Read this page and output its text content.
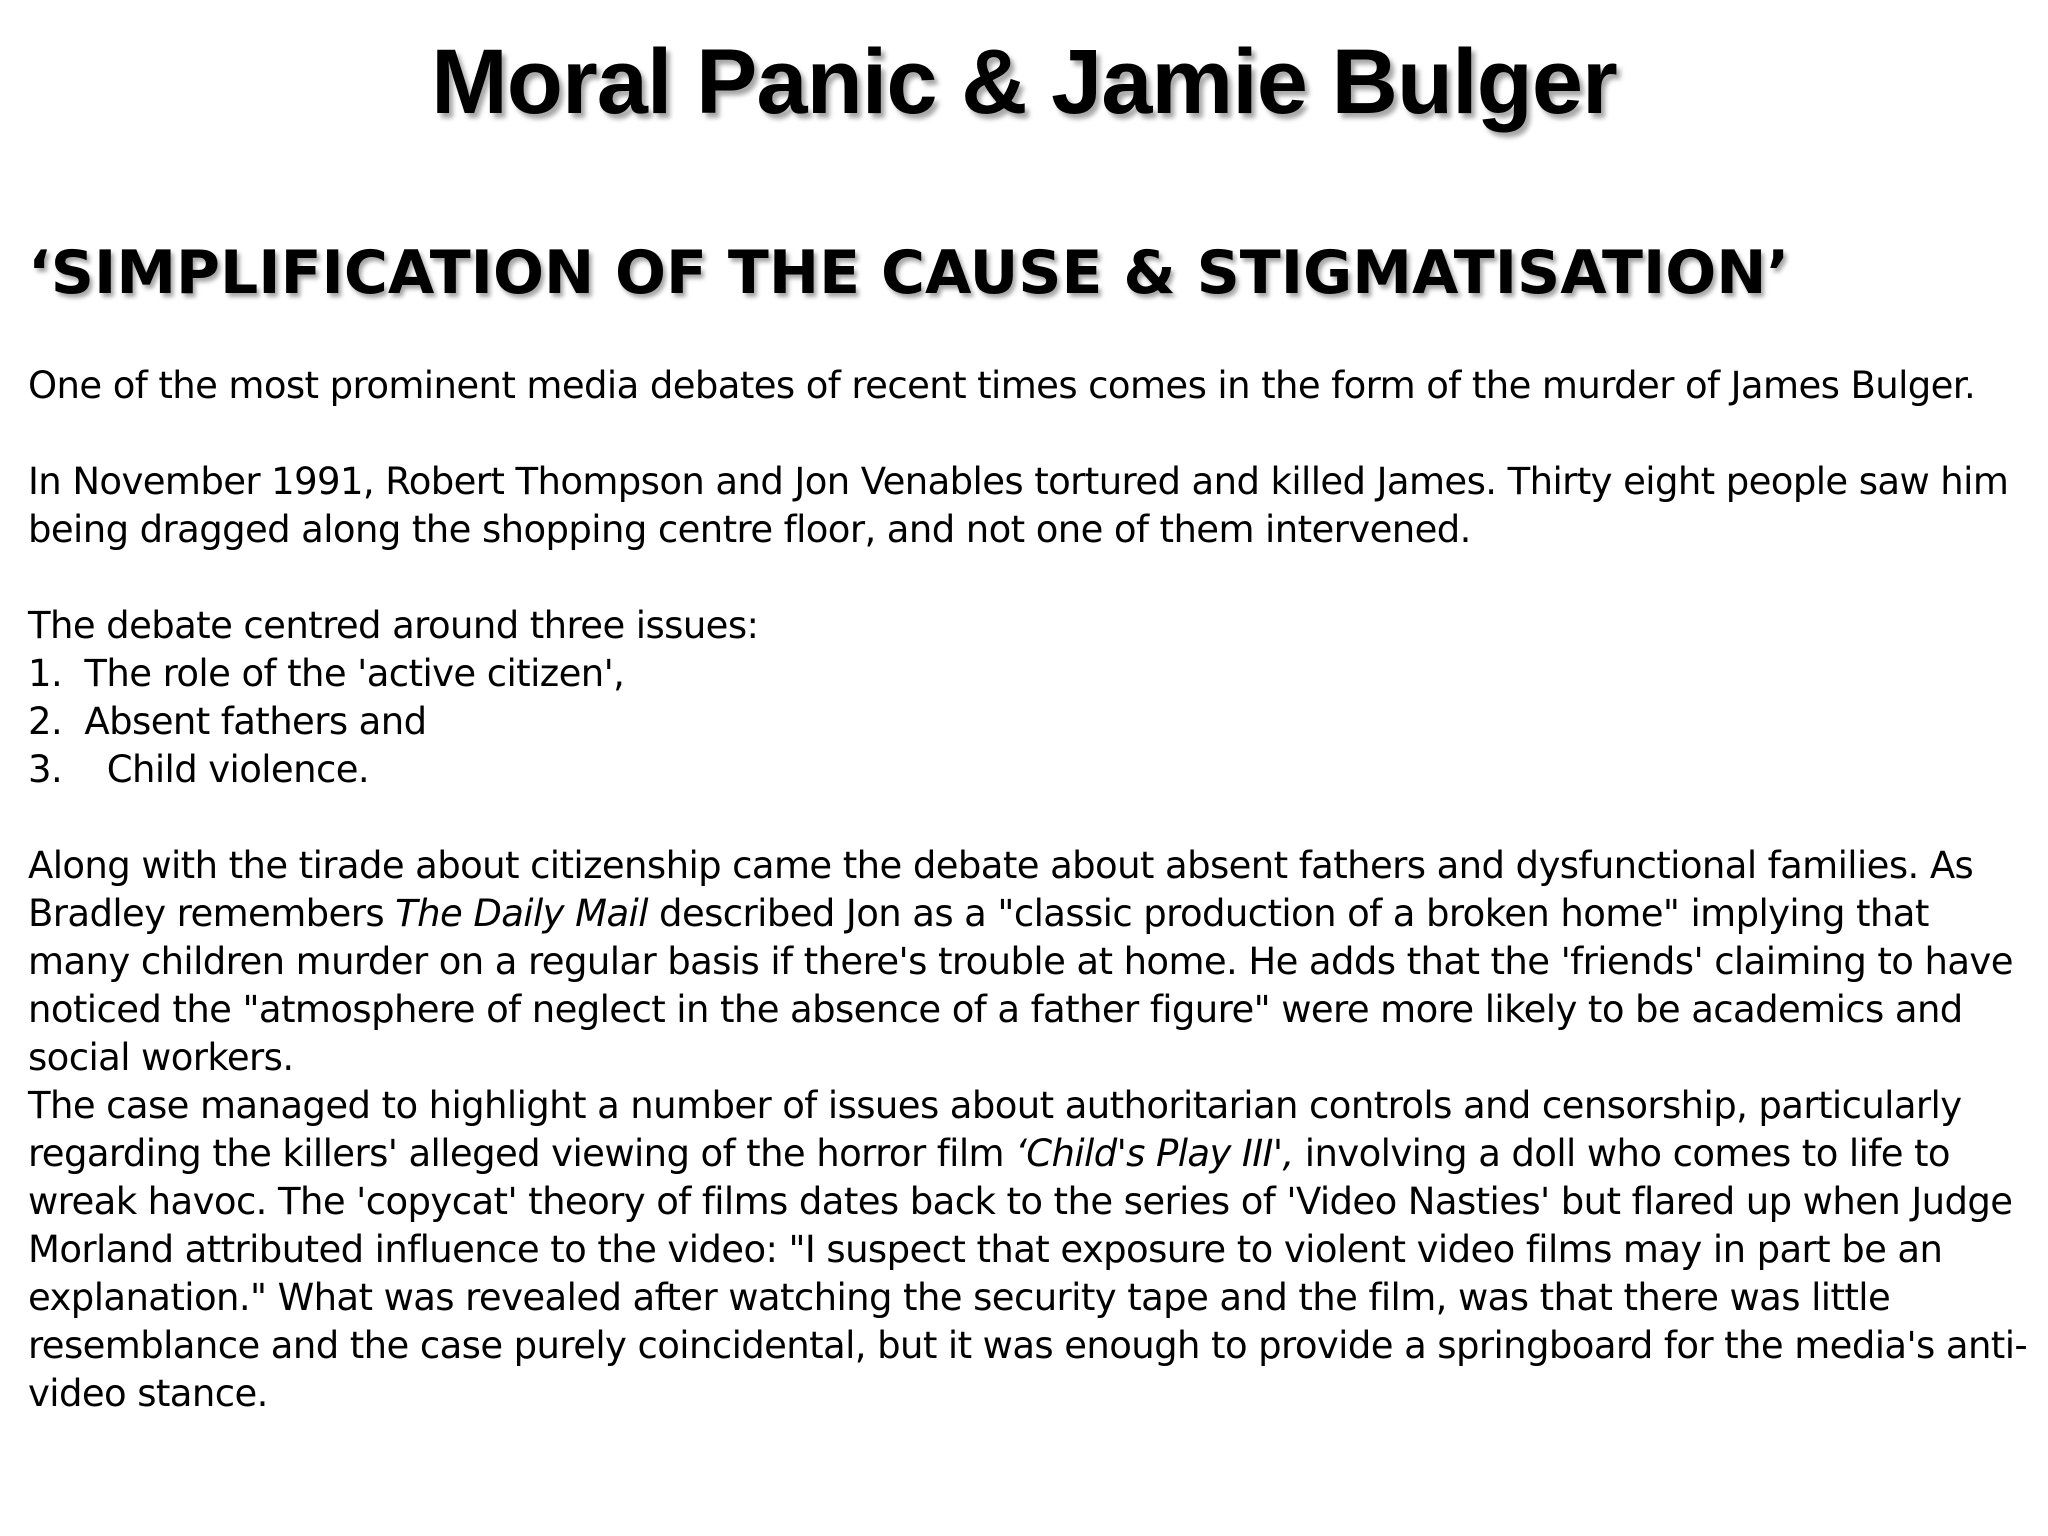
Moral Panic & Jamie Bulger
‘SIMPLIFICATION OF THE CAUSE & STIGMATISATION’

One of the most prominent media debates of recent times comes in the form of the murder of James Bulger.

In November 1991, Robert Thompson and Jon Venables tortured and killed James. Thirty eight people saw him being dragged along the shopping centre floor, and not one of them intervened.

The debate centred around three issues:

1.  The role of the 'active citizen',

2.  Absent fathers and

3.    Child violence.

Along with the tirade about citizenship came the debate about absent fathers and dysfunctional families. As Bradley remembers The Daily Mail described Jon as a "classic production of a broken home" implying that many children murder on a regular basis if there's trouble at home. He adds that the 'friends' claiming to have noticed the "atmosphere of neglect in the absence of a father figure" were more likely to be academics and social workers.

The case managed to highlight a number of issues about authoritarian controls and censorship, particularly regarding the killers' alleged viewing of the horror film ‘Child's Play III', involving a doll who comes to life to wreak havoc. The 'copycat' theory of films dates back to the series of 'Video Nasties' but flared up when Judge Morland attributed influence to the video: "I suspect that exposure to violent video films may in part be an explanation." What was revealed after watching the security tape and the film, was that there was little resemblance and the case purely coincidental, but it was enough to provide a springboard for the media's anti-video stance.
